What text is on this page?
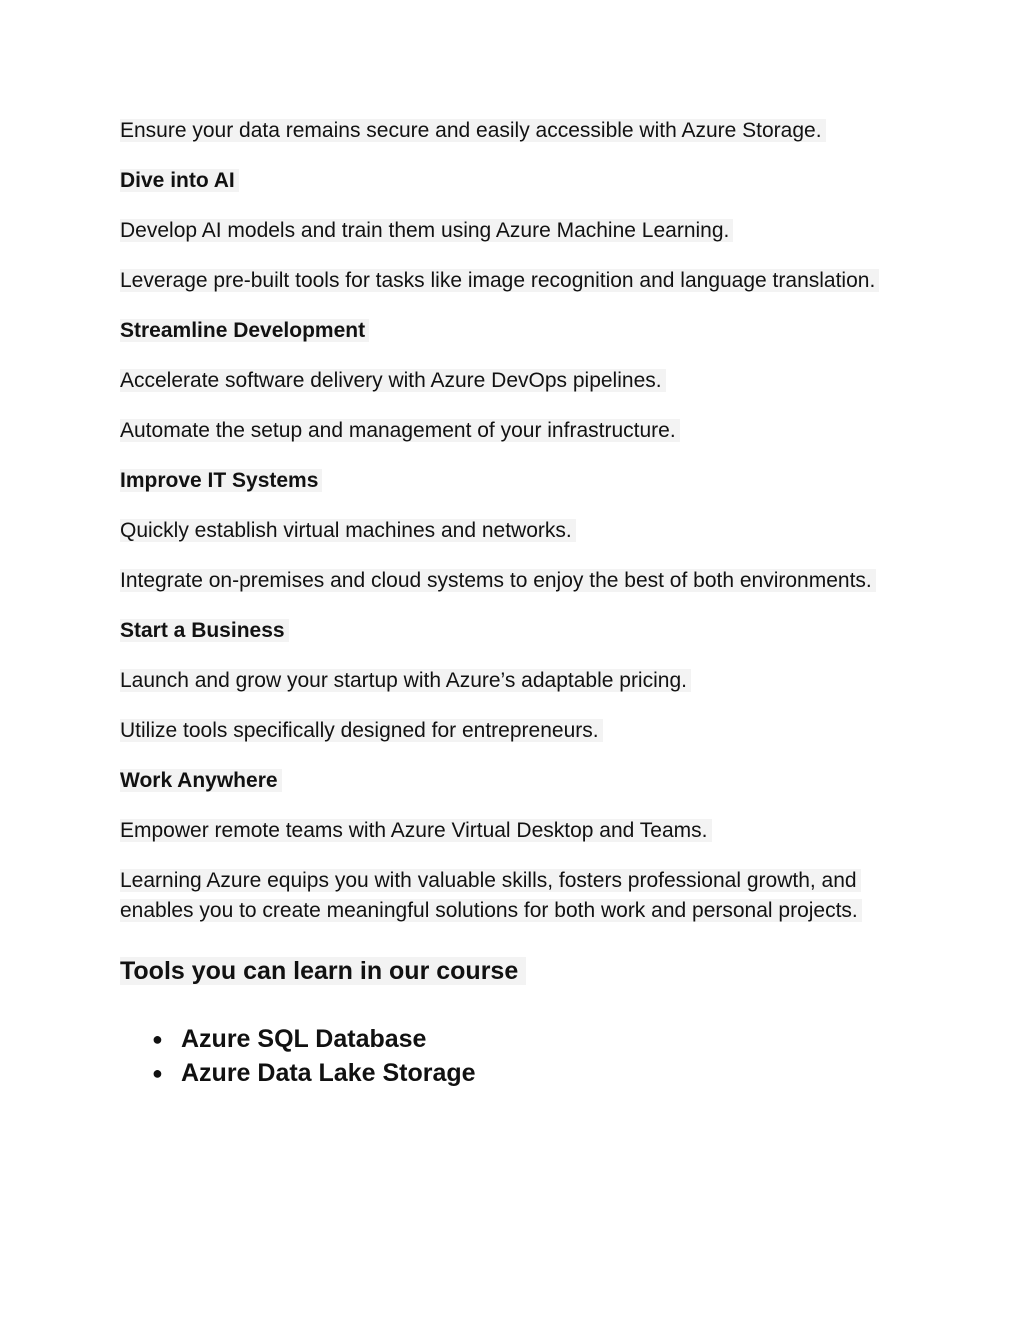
Ensure your data remains secure and easily accessible with Azure Storage.
Dive into AI
Develop AI models and train them using Azure Machine Learning.
Leverage pre-built tools for tasks like image recognition and language translation.
Streamline Development
Accelerate software delivery with Azure DevOps pipelines.
Automate the setup and management of your infrastructure.
Improve IT Systems
Quickly establish virtual machines and networks.
Integrate on-premises and cloud systems to enjoy the best of both environments.
Start a Business
Launch and grow your startup with Azure’s adaptable pricing.
Utilize tools specifically designed for entrepreneurs.
Work Anywhere
Empower remote teams with Azure Virtual Desktop and Teams.
Learning Azure equips you with valuable skills, fosters professional growth, and enables you to create meaningful solutions for both work and personal projects.
Tools you can learn in our course
● Azure SQL Database
● Azure Data Lake Storage
